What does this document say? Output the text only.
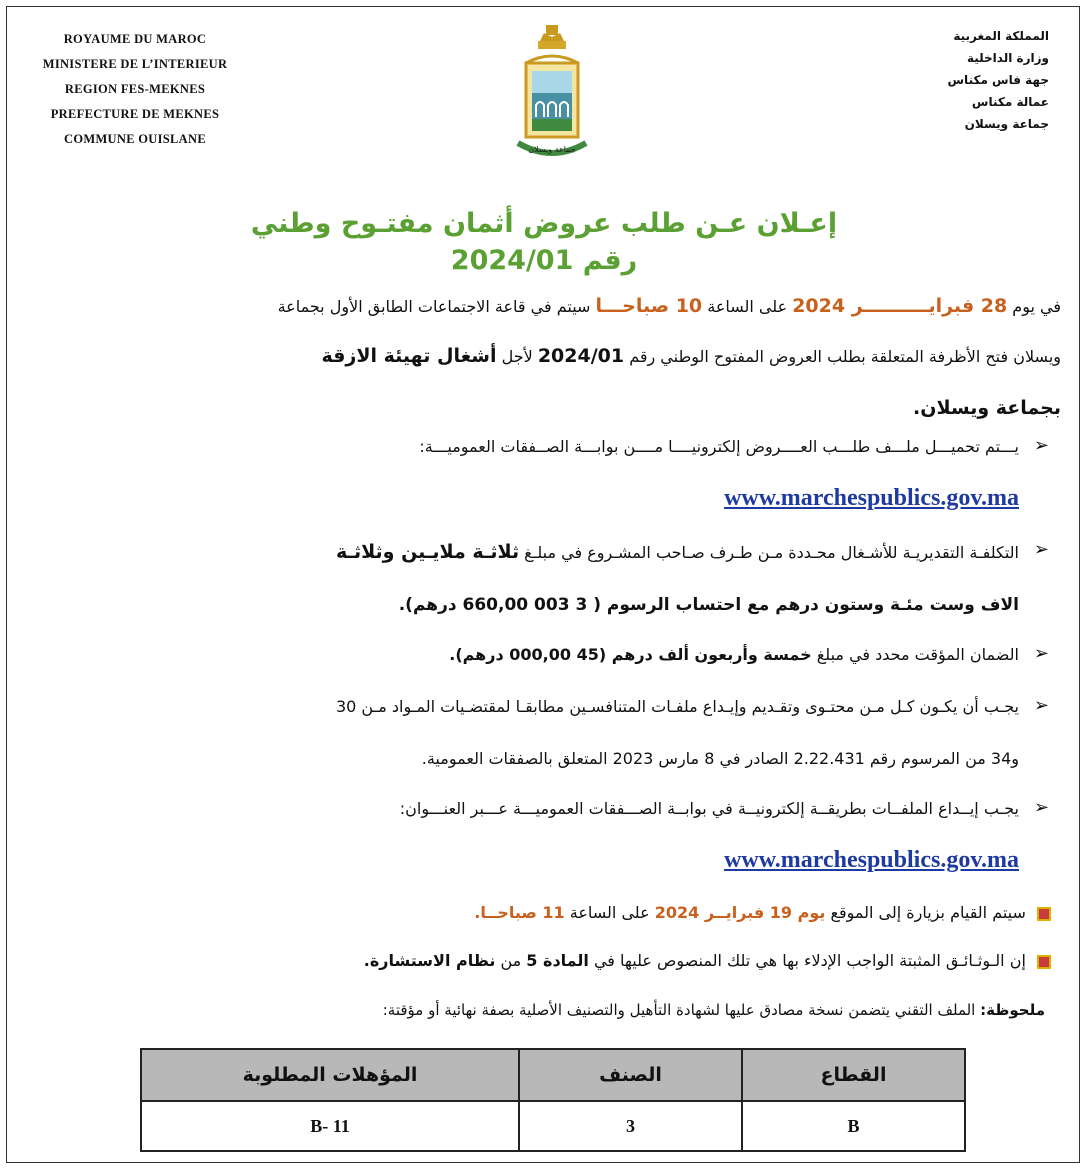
ROYAUME DU MAROC
MINISTERE DE L’INTERIEUR
REGION FES-MEKNES
PREFECTURE DE MEKNES
COMMUNE OUISLANE
جماعة ويسلان
المملكة المغربية
وزارة الداخلية
جهة فاس مكناس
عمالة مكناس
جماعة ويسلان
إعـلان عـن طلب عروض أثمان مفتـوح وطني
رقم 2024/01
في يوم 28 فبرايــــــــــر 2024 على الساعة 10 صباحـــا سيتم في قاعة الاجتماعات الطابق الأول بجماعة
ويسلان فتح الأظرفة المتعلقة بطلب العروض المفتوح الوطني رقم 2024/01 لأجل أشغال تهيئة الازقة
بجماعة ويسلان.
➢
يـــتم تحميـــل ملـــف طلـــب العــــروض إلكترونيــــا مــــن بوابـــة الصــفقات العموميـــة:
www.marchespublics.gov.ma
➢
التكلفـة التقديريـة للأشـغال محـددة مـن طـرف صـاحب المشـروع في مبلـغ ثلاثـة ملايـين وثلاثـة
الاف وست مئـة وستون درهم مع احتساب الرسوم ( 3 003 660,00 درهم).
➢
الضمان المؤقت محدد في مبلغ خمسة وأربعون ألف درهم (45 000,00 درهم).
➢
يجـب أن يكـون كـل مـن محتـوى وتقـديم وإيـداع ملفـات المتنافسـين مطابقـا لمقتضـيات المـواد مـن 30
و34 من المرسوم رقم 2.22.431 الصادر في 8 مارس 2023 المتعلق بالصفقات العمومية.
➢
يجـب إيــداع الملفــات بطريقــة إلكترونيــة في بوابــة الصـــفقات العموميـــة عـــبر العنـــوان:
www.marchespublics.gov.ma
سيتم القيام بزيارة إلى الموقع يوم 19 فبرايــر 2024 على الساعة 11 صباحــا.
إن الـوثـائـق المثبتة الواجب الإدلاء بها هي تلك المنصوص عليها في المادة 5 من نظام الاستشارة.
ملحوظة: الملف التقني يتضمن نسخة مصادق عليها لشهادة التأهيل والتصنيف الأصلية بصفة نهائية أو مؤقتة:
القطاع	الصنف	المؤهلات المطلوبة
B	3	11 -B
